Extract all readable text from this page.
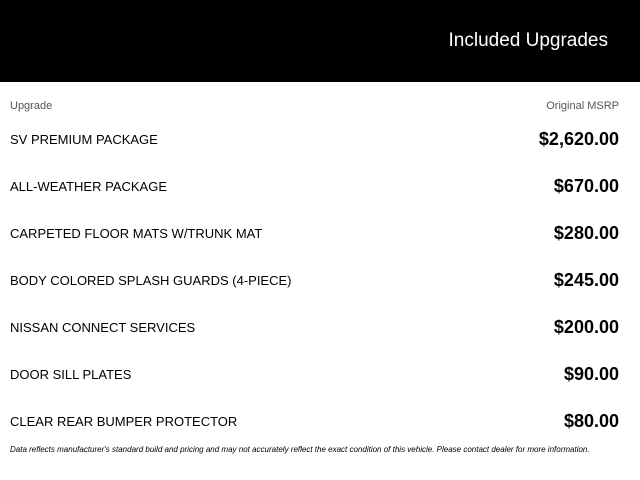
Included Upgrades
Upgrade	Original MSRP
SV PREMIUM PACKAGE	$2,620.00
ALL-WEATHER PACKAGE	$670.00
CARPETED FLOOR MATS W/TRUNK MAT	$280.00
BODY COLORED SPLASH GUARDS (4-PIECE)	$245.00
NISSAN CONNECT SERVICES	$200.00
DOOR SILL PLATES	$90.00
CLEAR REAR BUMPER PROTECTOR	$80.00
Data reflects manufacturer's standard build and pricing and may not accurately reflect the exact condition of this vehicle. Please contact dealer for more information.
